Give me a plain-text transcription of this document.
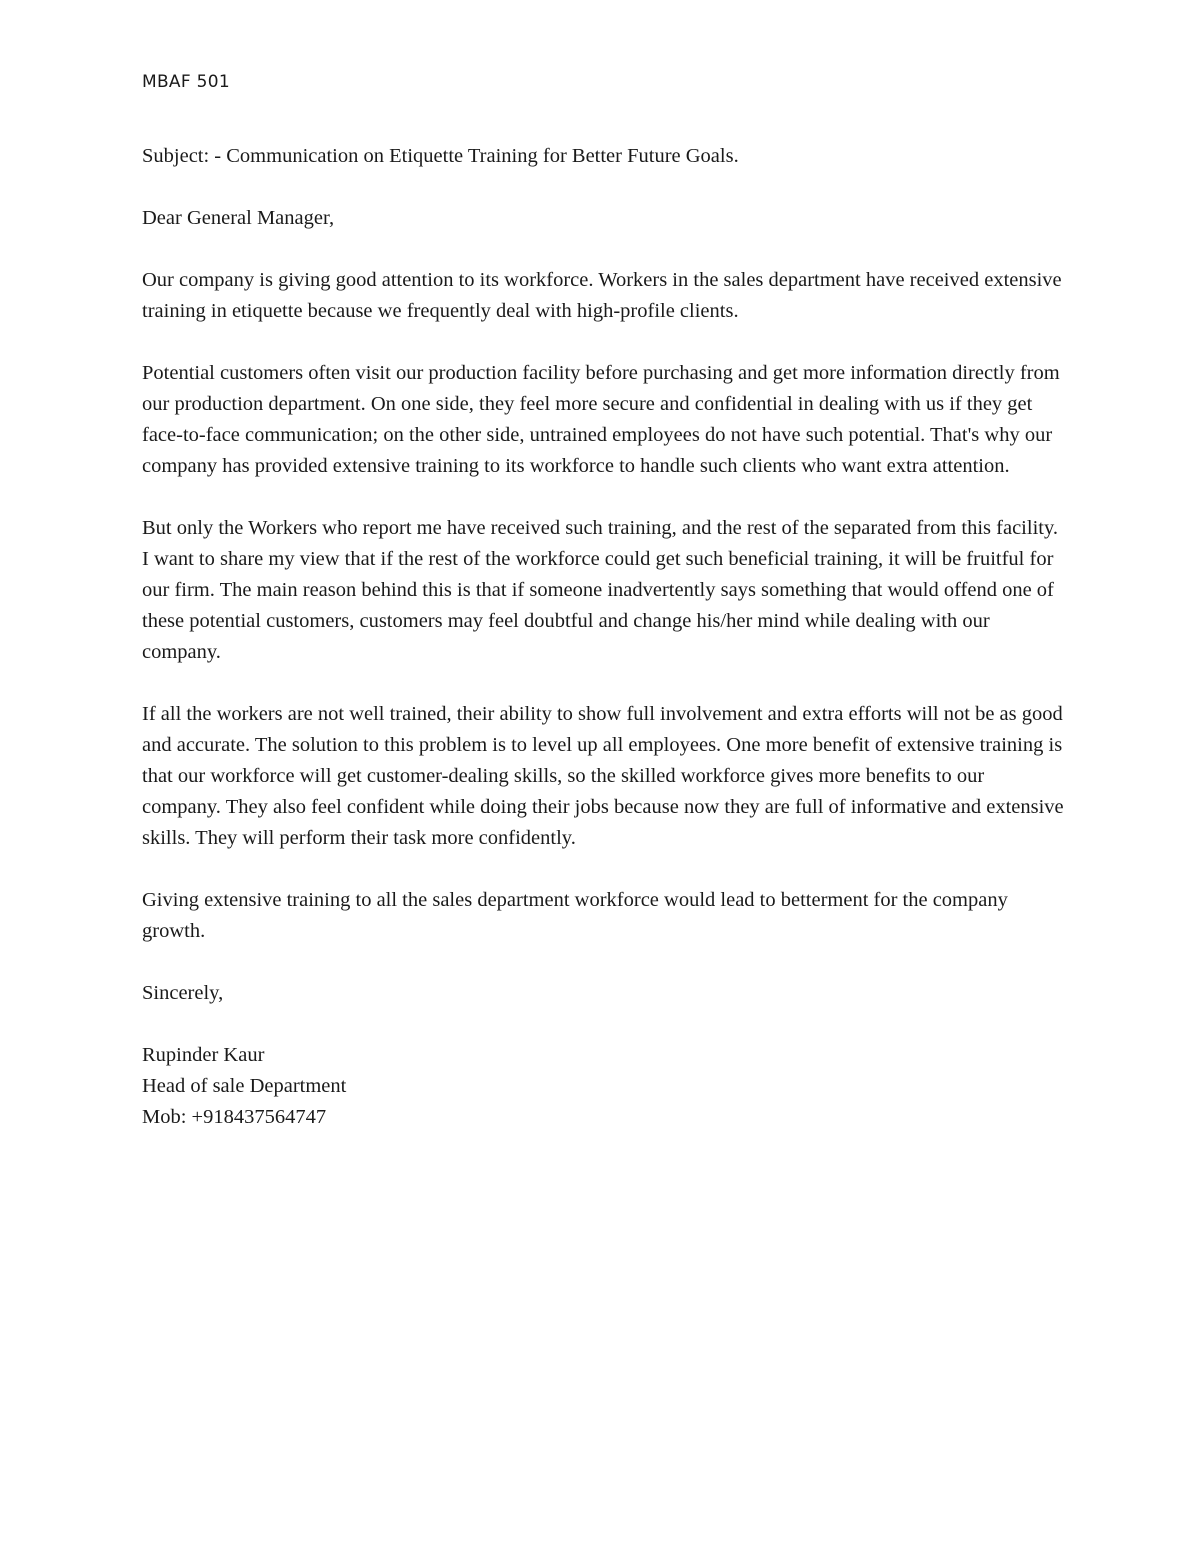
MBAF 501

Subject: - Communication on Etiquette Training for Better Future Goals.

Dear General Manager,

Our company is giving good attention to its workforce. Workers in the sales department have received extensive training in etiquette because we frequently deal with high-profile clients.

Potential customers often visit our production facility before purchasing and get more information directly from our production department. On one side, they feel more secure and confidential in dealing with us if they get face-to-face communication; on the other side, untrained employees do not have such potential. That's why our company has provided extensive training to its workforce to handle such clients who want extra attention.

But only the Workers who report me have received such training, and the rest of the separated from this facility. I want to share my view that if the rest of the workforce could get such beneficial training, it will be fruitful for our firm. The main reason behind this is that if someone inadvertently says something that would offend one of these potential customers, customers may feel doubtful and change his/her mind while dealing with our company.

If all the workers are not well trained, their ability to show full involvement and extra efforts will not be as good and accurate. The solution to this problem is to level up all employees. One more benefit of extensive training is that our workforce will get customer-dealing skills, so the skilled workforce gives more benefits to our company. They also feel confident while doing their jobs because now they are full of informative and extensive skills. They will perform their task more confidently.

Giving extensive training to all the sales department workforce would lead to betterment for the company growth.

Sincerely,

Rupinder Kaur
Head of sale Department
Mob: +918437564747
